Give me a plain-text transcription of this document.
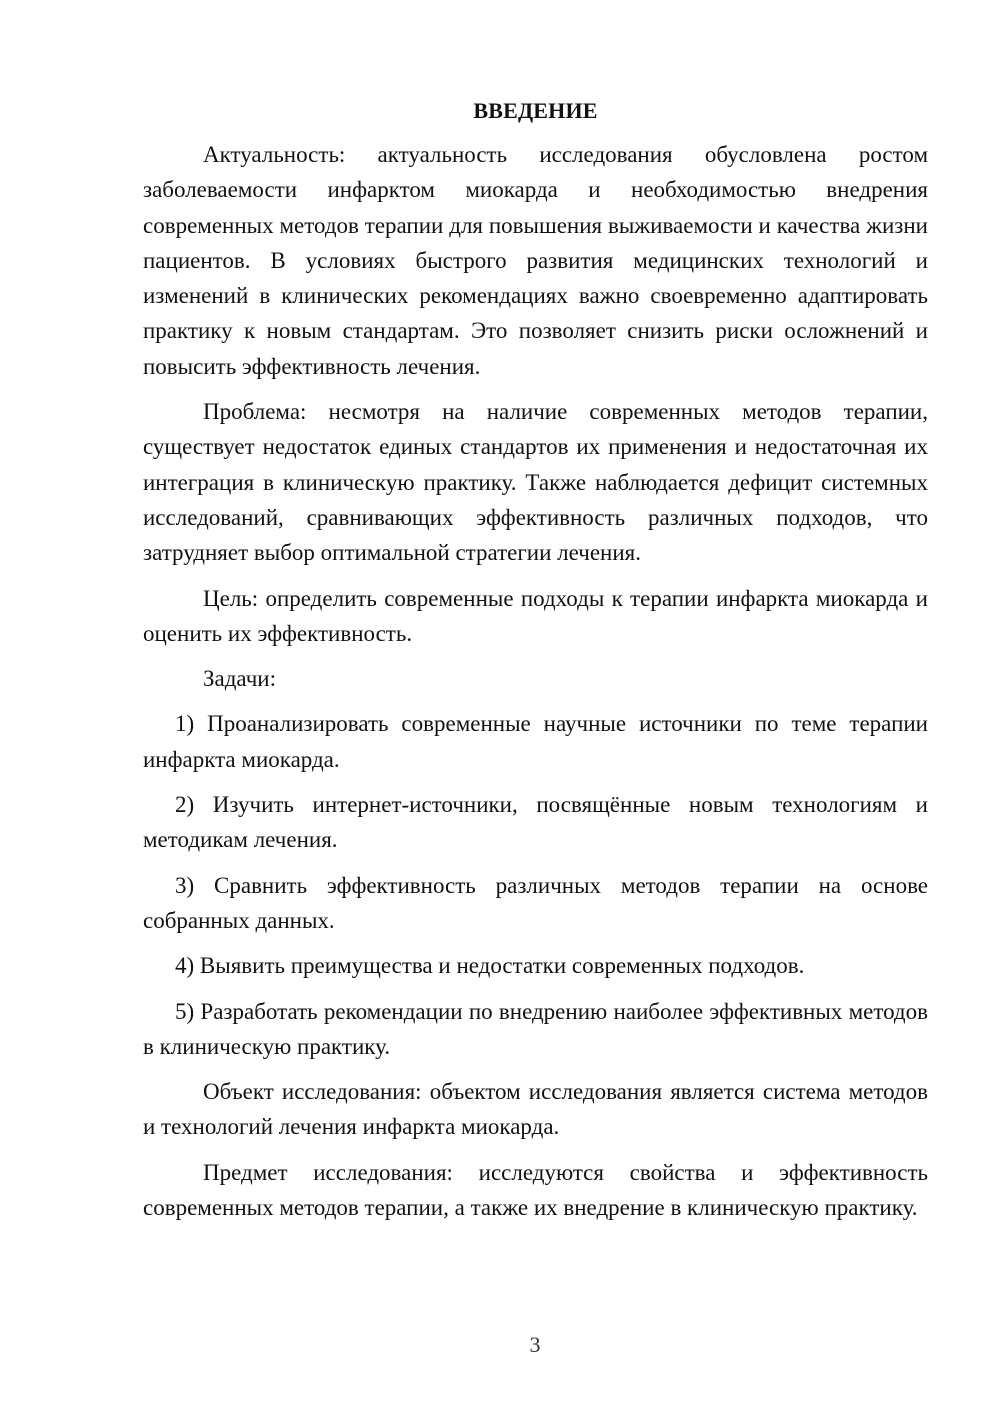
ВВЕДЕНИЕ

Актуальность: актуальность исследования обусловлена ростом заболеваемости инфарктом миокарда и необходимостью внедрения современных методов терапии для повышения выживаемости и качества жизни пациентов. В условиях быстрого развития медицинских технологий и изменений в клинических рекомендациях важно своевременно адаптировать практику к новым стандартам. Это позволяет снизить риски осложнений и повысить эффективность лечения.

Проблема: несмотря на наличие современных методов терапии, существует недостаток единых стандартов их применения и недостаточная их интеграция в клиническую практику. Также наблюдается дефицит системных исследований, сравнивающих эффективность различных подходов, что затрудняет выбор оптимальной стратегии лечения.

Цель: определить современные подходы к терапии инфаркта миокарда и оценить их эффективность.

Задачи:

1) Проанализировать современные научные источники по теме терапии инфаркта миокарда.

2) Изучить интернет-источники, посвящённые новым технологиям и методикам лечения.

3) Сравнить эффективность различных методов терапии на основе собранных данных.

4) Выявить преимущества и недостатки современных подходов.

5) Разработать рекомендации по внедрению наиболее эффективных методов в клиническую практику.

Объект исследования: объектом исследования является система методов и технологий лечения инфаркта миокарда.

Предмет исследования: исследуются свойства и эффективность современных методов терапии, а также их внедрение в клиническую практику.

3
